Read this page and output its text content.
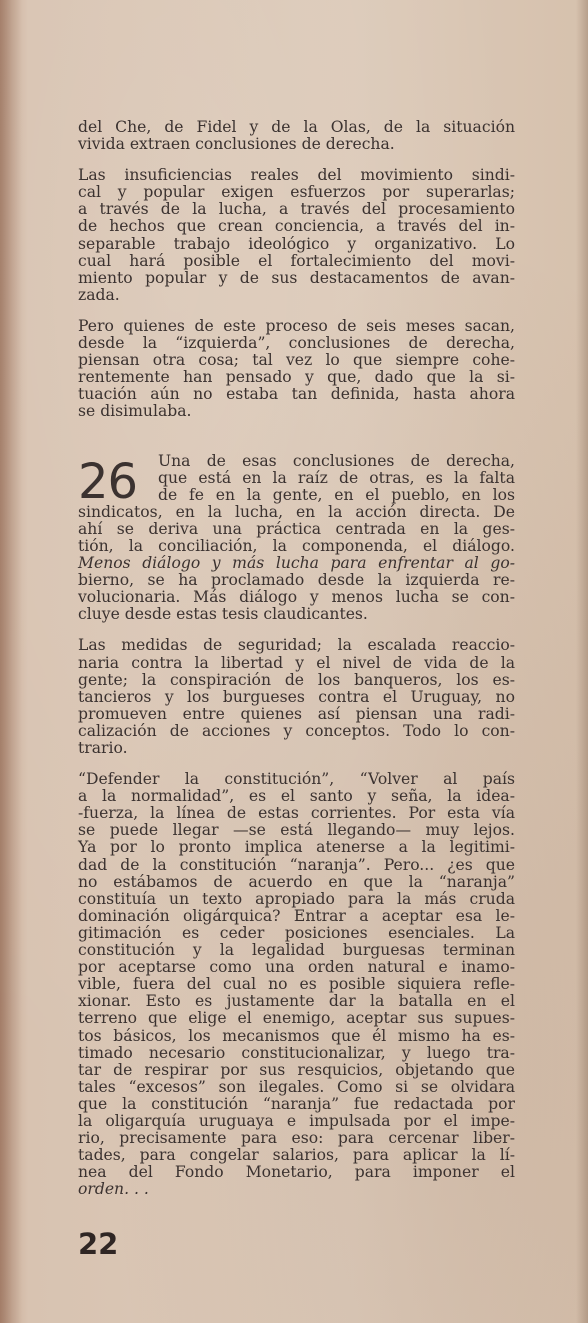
del Che, de Fidel y de la Olas, de la situación
vivida extraen conclusiones de derecha.
Las insuficiencias reales del movimiento sindi-
cal y popular exigen esfuerzos por superarlas;
a través de la lucha, a través del procesamiento
de hechos que crean conciencia, a través del in-
separable trabajo ideológico y organizativo. Lo
cual hará posible el fortalecimiento del movi-
miento popular y de sus destacamentos de avan-
zada.
Pero quienes de este proceso de seis meses sacan,
desde la “izquierda”, conclusiones de derecha,
piensan otra cosa; tal vez lo que siempre cohe-
rentemente han pensado y que, dado que la si-
tuación aún no estaba tan definida, hasta ahora
se disimulaba.
Una de esas conclusiones de derecha,
que está en la raíz de otras, es la falta
de fe en la gente, en el pueblo, en los
sindicatos, en la lucha, en la acción directa. De
ahí se deriva una práctica centrada en la ges-
tión, la conciliación, la componenda, el diálogo.
Menos diálogo y más lucha para enfrentar al go-
bierno, se ha proclamado desde la izquierda re-
volucionaria. Más diálogo y menos lucha se con-
cluye desde estas tesis claudicantes.
Las medidas de seguridad; la escalada reaccio-
naria contra la libertad y el nivel de vida de la
gente; la conspiración de los banqueros, los es-
tancieros y los burgueses contra el Uruguay, no
promueven entre quienes así piensan una radi-
calización de acciones y conceptos. Todo lo con-
trario.
“Defender la constitución”, “Volver al país
a la normalidad”, es el santo y seña, la idea-
-fuerza, la línea de estas corrientes. Por esta vía
se puede llegar —se está llegando— muy lejos.
Ya por lo pronto implica atenerse a la legitimi-
dad de la constitución “naranja”. Pero... ¿es que
no estábamos de acuerdo en que la “naranja”
constituía un texto apropiado para la más cruda
dominación oligárquica? Entrar a aceptar esa le-
gitimación es ceder posiciones esenciales. La
constitución y la legalidad burguesas terminan
por aceptarse como una orden natural e inamo-
vible, fuera del cual no es posible siquiera refle-
xionar. Esto es justamente dar la batalla en el
terreno que elige el enemigo, aceptar sus supues-
tos básicos, los mecanismos que él mismo ha es-
timado necesario constitucionalizar, y luego tra-
tar de respirar por sus resquicios, objetando que
tales “excesos” son ilegales. Como si se olvidara
que la constitución “naranja” fue redactada por
la oligarquía uruguaya e impulsada por el impe-
rio, precisamente para eso: para cercenar liber-
tades, para congelar salarios, para aplicar la lí-
nea del Fondo Monetario, para imponer el
orden. . .
26
22
